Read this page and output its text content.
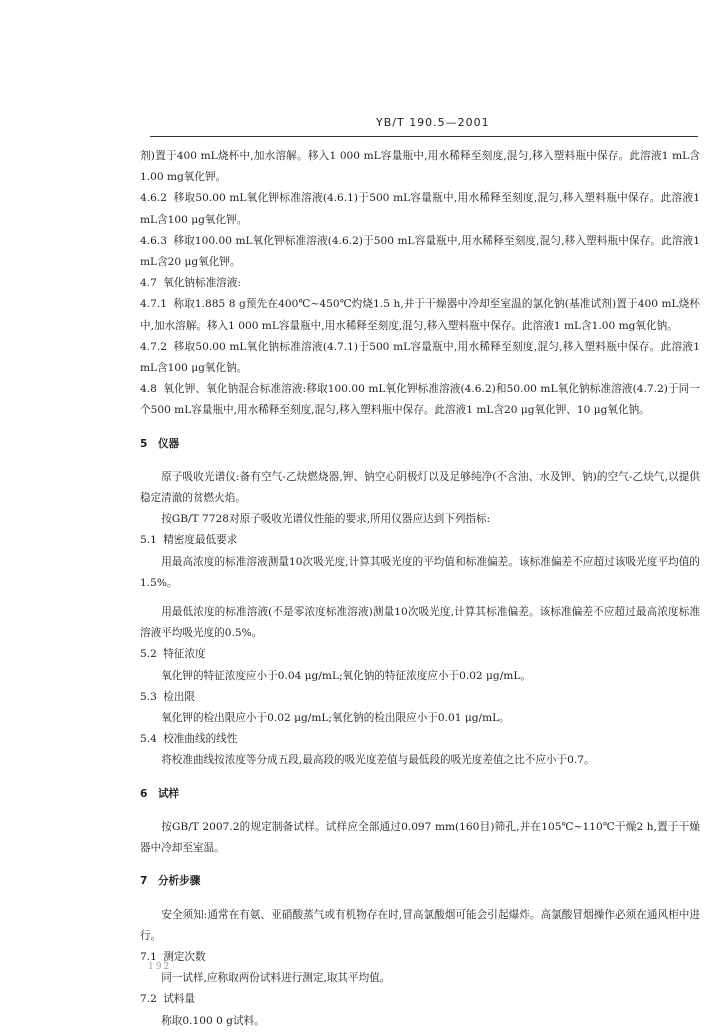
YB/T 190.5—2001

剂)置于400 mL烧杯中,加水溶解。移入1 000 mL容量瓶中,用水稀释至刻度,混匀,移入塑料瓶中保存。此溶液1 mL含1.00 mg氧化钾。

4.6.2 移取50.00 mL氧化钾标准溶液(4.6.1)于500 mL容量瓶中,用水稀释至刻度,混匀,移入塑料瓶中保存。此溶液1 mL含100 μg氧化钾。

4.6.3 移取100.00 mL氧化钾标准溶液(4.6.2)于500 mL容量瓶中,用水稀释至刻度,混匀,移入塑料瓶中保存。此溶液1 mL含20 μg氧化钾。

4.7 氧化钠标准溶液:

4.7.1 称取1.885 8 g预先在400℃~450℃灼烧1.5 h,并于干燥器中冷却至室温的氯化钠(基准试剂)置于400 mL烧杯中,加水溶解。移入1 000 mL容量瓶中,用水稀释至刻度,混匀,移入塑料瓶中保存。此溶液1 mL含1.00 mg氧化钠。

4.7.2 移取50.00 mL氧化钠标准溶液(4.7.1)于500 mL容量瓶中,用水稀释至刻度,混匀,移入塑料瓶中保存。此溶液1 mL含100 μg氧化钠。

4.8 氧化钾、氧化钠混合标准溶液:移取100.00 mL氧化钾标准溶液(4.6.2)和50.00 mL氧化钠标准溶液(4.7.2)于同一个500 mL容量瓶中,用水稀释至刻度,混匀,移入塑料瓶中保存。此溶液1 mL含20 μg氧化钾、10 μg氧化钠。

5 仪器

原子吸收光谱仪:备有空气-乙炔燃烧器,钾、钠空心阴极灯以及足够纯净(不含油、水及钾、钠)的空气-乙炔气,以提供稳定清澈的贫燃火焰。

按GB/T 7728对原子吸收光谱仪性能的要求,所用仪器应达到下列指标:

5.1 精密度最低要求

用最高浓度的标准溶液测量10次吸光度,计算其吸光度的平均值和标准偏差。该标准偏差不应超过该吸光度平均值的1.5%。

用最低浓度的标准溶液(不是零浓度标准溶液)测量10次吸光度,计算其标准偏差。该标准偏差不应超过最高浓度标准溶液平均吸光度的0.5%。

5.2 特征浓度

氧化钾的特征浓度应小于0.04 μg/mL;氧化钠的特征浓度应小于0.02 μg/mL。

5.3 检出限

氧化钾的检出限应小于0.02 μg/mL;氧化钠的检出限应小于0.01 μg/mL。

5.4 校准曲线的线性

将校准曲线按浓度等分成五段,最高段的吸光度差值与最低段的吸光度差值之比不应小于0.7。

6 试样

按GB/T 2007.2的规定制备试样。试样应全部通过0.097 mm(160目)筛孔,并在105℃~110℃干燥2 h,置于干燥器中冷却至室温。

7 分析步骤

安全须知:通常在有氨、亚硝酸蒸气或有机物存在时,冒高氯酸烟可能会引起爆炸。高氯酸冒烟操作必须在通风柜中进行。

7.1 测定次数

同一试样,应称取两份试料进行测定,取其平均值。

7.2 试料量

称取0.100 0 g试料。

192
